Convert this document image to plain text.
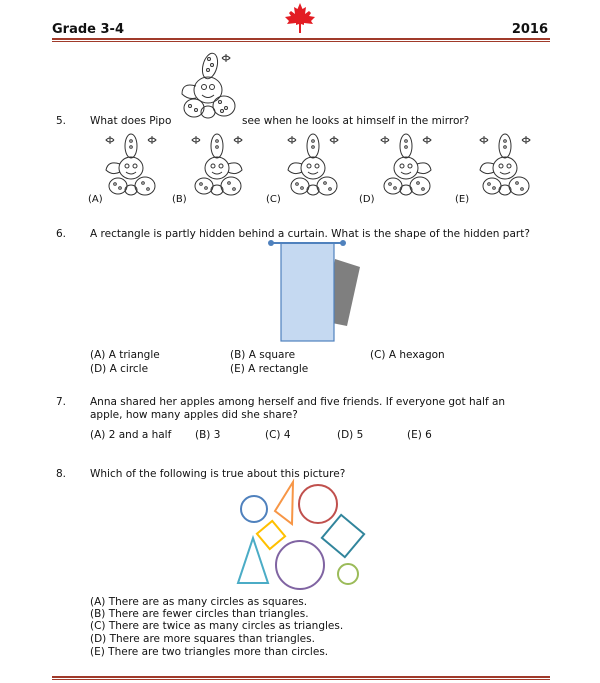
Grade 3-4	2016
5. What does Pipo	see when he looks at himself in the mirror?
(A)	(B)	(C)	(D)	(E)
6. A rectangle is partly hidden behind a curtain. What is the shape of the hidden part?
(A) A triangle	(B) A square	(C) A hexagon
(D) A circle	(E) A rectangle
7. Anna shared her apples among herself and five friends. If everyone got half an
apple, how many apples did she share?
(A) 2 and a half (B) 3	(C) 4	(D) 5	(E) 6
8. Which of the following is true about this picture?
(A) There are as many circles as squares.
(B) There are fewer circles than triangles.
(C) There are twice as many circles as triangles.
(D) There are more squares than triangles.
(E) There are two triangles more than circles.
